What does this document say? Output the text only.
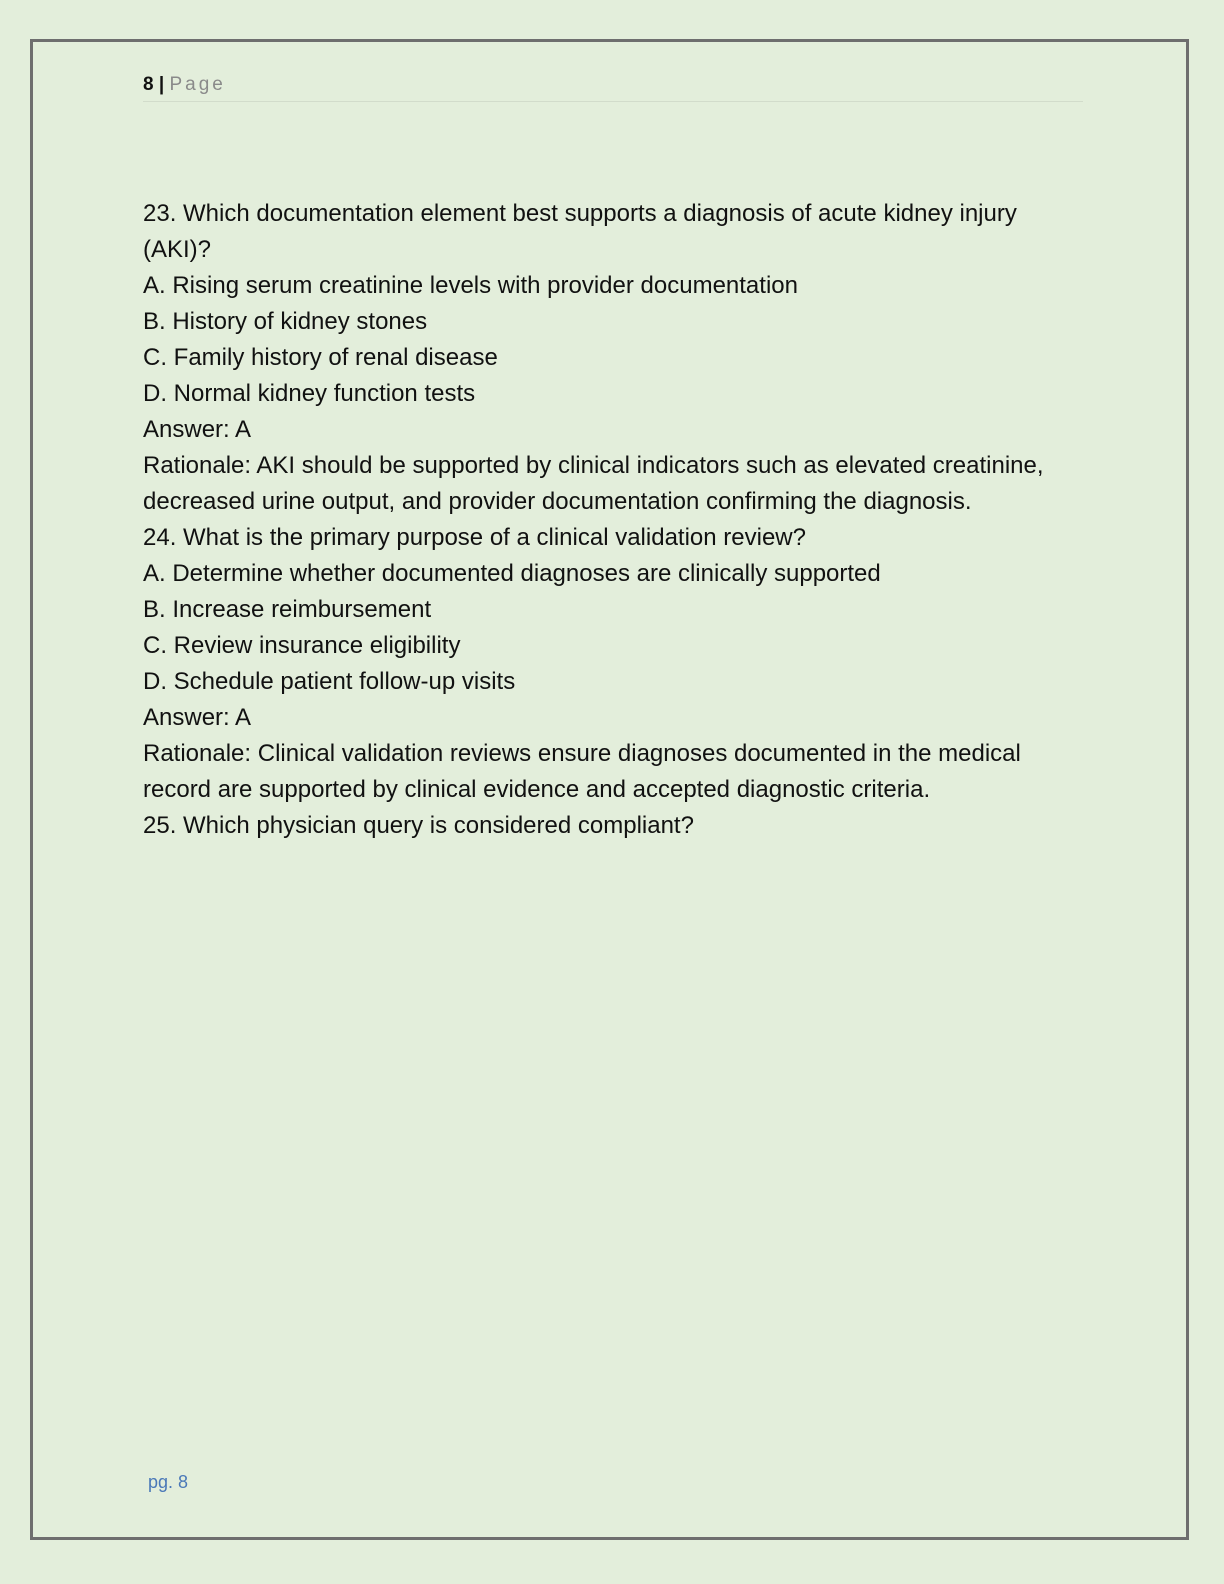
8 | Page

23. Which documentation element best supports a diagnosis of acute kidney injury (AKI)?

A. Rising serum creatinine levels with provider documentation

B. History of kidney stones

C. Family history of renal disease

D. Normal kidney function tests

Answer: A

Rationale: AKI should be supported by clinical indicators such as elevated creatinine, decreased urine output, and provider documentation confirming the diagnosis.

24. What is the primary purpose of a clinical validation review?

A. Determine whether documented diagnoses are clinically supported

B. Increase reimbursement

C. Review insurance eligibility

D. Schedule patient follow-up visits

Answer: A

Rationale: Clinical validation reviews ensure diagnoses documented in the medical record are supported by clinical evidence and accepted diagnostic criteria.

25. Which physician query is considered compliant?

pg. 8
